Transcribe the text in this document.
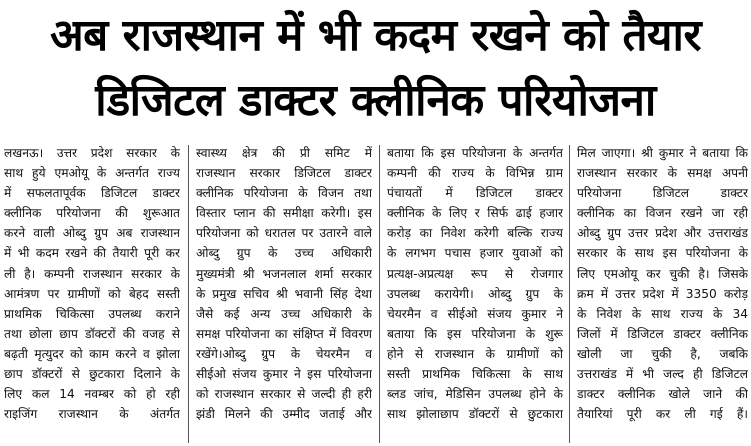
अब राजस्थान में भी कदम रखने को तैयार
डिजिटल डाक्टर क्लीनिक परियोजना
लखनऊ। उत्तर प्रदेश सरकार के
साथ हुये एमओयू के अन्तर्गत राज्य
में सफलतापूर्वक डिजिटल डाक्टर
क्लीनिक परियोजना की शुरूआत
करने वाली ओब्दु ग्रुप अब राजस्थान
में भी कदम रखने की तैयारी पूरी कर
ली है। कम्पनी राजस्थान सरकार के
आमंत्रण पर ग्रामीणों को बेहद सस्ती
प्राथमिक चिकित्सा उपलब्ध कराने
तथा छोला छाप डॉक्टरों की वजह से
बढ़ती मृत्युदर को काम करने व झोला
छाप डॉक्टरों से छुटकारा दिलाने के
लिए कल 14 नवम्बर को हो रही
राइजिंग राजस्थान के अंतर्गत
स्वास्थ्य क्षेत्र की प्री समिट में
राजस्थान सरकार डिजिटल डाक्टर
क्लीनिक परियोजना के विजन तथा
विस्तार प्लान की समीक्षा करेगी। इस
परियोजना को धरातल पर उतारने वाले
ओब्दु ग्रुप के उच्च अधिकारी
मुख्यमंत्री श्री भजनलाल शर्मा सरकार
के प्रमुख सचिव श्री भवानी सिंह देथा
जैसे कई अन्य उच्च अधिकारी के
समक्ष परियोजना का संक्षिप्त में विवरण
रखेंगे।ओब्दु ग्रुप के चेयरमैन व
सीईओ संजय कुमार ने इस परियोजना
को राजस्थान सरकार से जल्दी ही हरी
झंडी मिलने की उम्मीद जताई और
बताया कि इस परियोजना के अन्तर्गत
कम्पनी की राज्य के विभिन्न ग्राम
पंचायतों में डिजिटल डाक्टर
क्लीनिक के लिए र सिर्फ ढाई हजार
करोड़ का निवेश करेगी बल्कि राज्य
के लगभग पचास हजार युवाओं को
प्रत्यक्ष-अप्रत्यक्ष रूप से रोजगार
उपलब्ध करायेगी। ओब्दु ग्रुप के
चेयरमैन व सीईओ संजय कुमार ने
बताया कि इस परियोजना के शुरू
होने से राजस्थान के ग्रामीणों को
सस्ती प्राथमिक चिकित्सा के साथ
ब्लड जांच, मेडिसिन उपलब्ध होने के
साथ झोलाछाप डॉक्टरों से छुटकारा
मिल जाएगा। श्री कुमार ने बताया कि
राजस्थान सरकार के समक्ष अपनी
परियोजना डिजिटल डाक्टर
क्लीनिक का विजन रखने जा रही
ओब्दु ग्रुप उत्तर प्रदेश और उत्तराखंड
सरकार के साथ इस परियोजना के
लिए एमओयू कर चुकी है। जिसके
क्रम में उत्तर प्रदेश में 3350 करोड़
के निवेश के साथ राज्य के 34
जिलों में डिजिटल डाक्टर क्लीनिक
खोली जा चुकी है, जबकि
उत्तराखंड में भी जल्द ही डिजिटल
डाक्टर क्लीनिक खोले जाने की
तैयारियां पूरी कर ली गई हैं।
